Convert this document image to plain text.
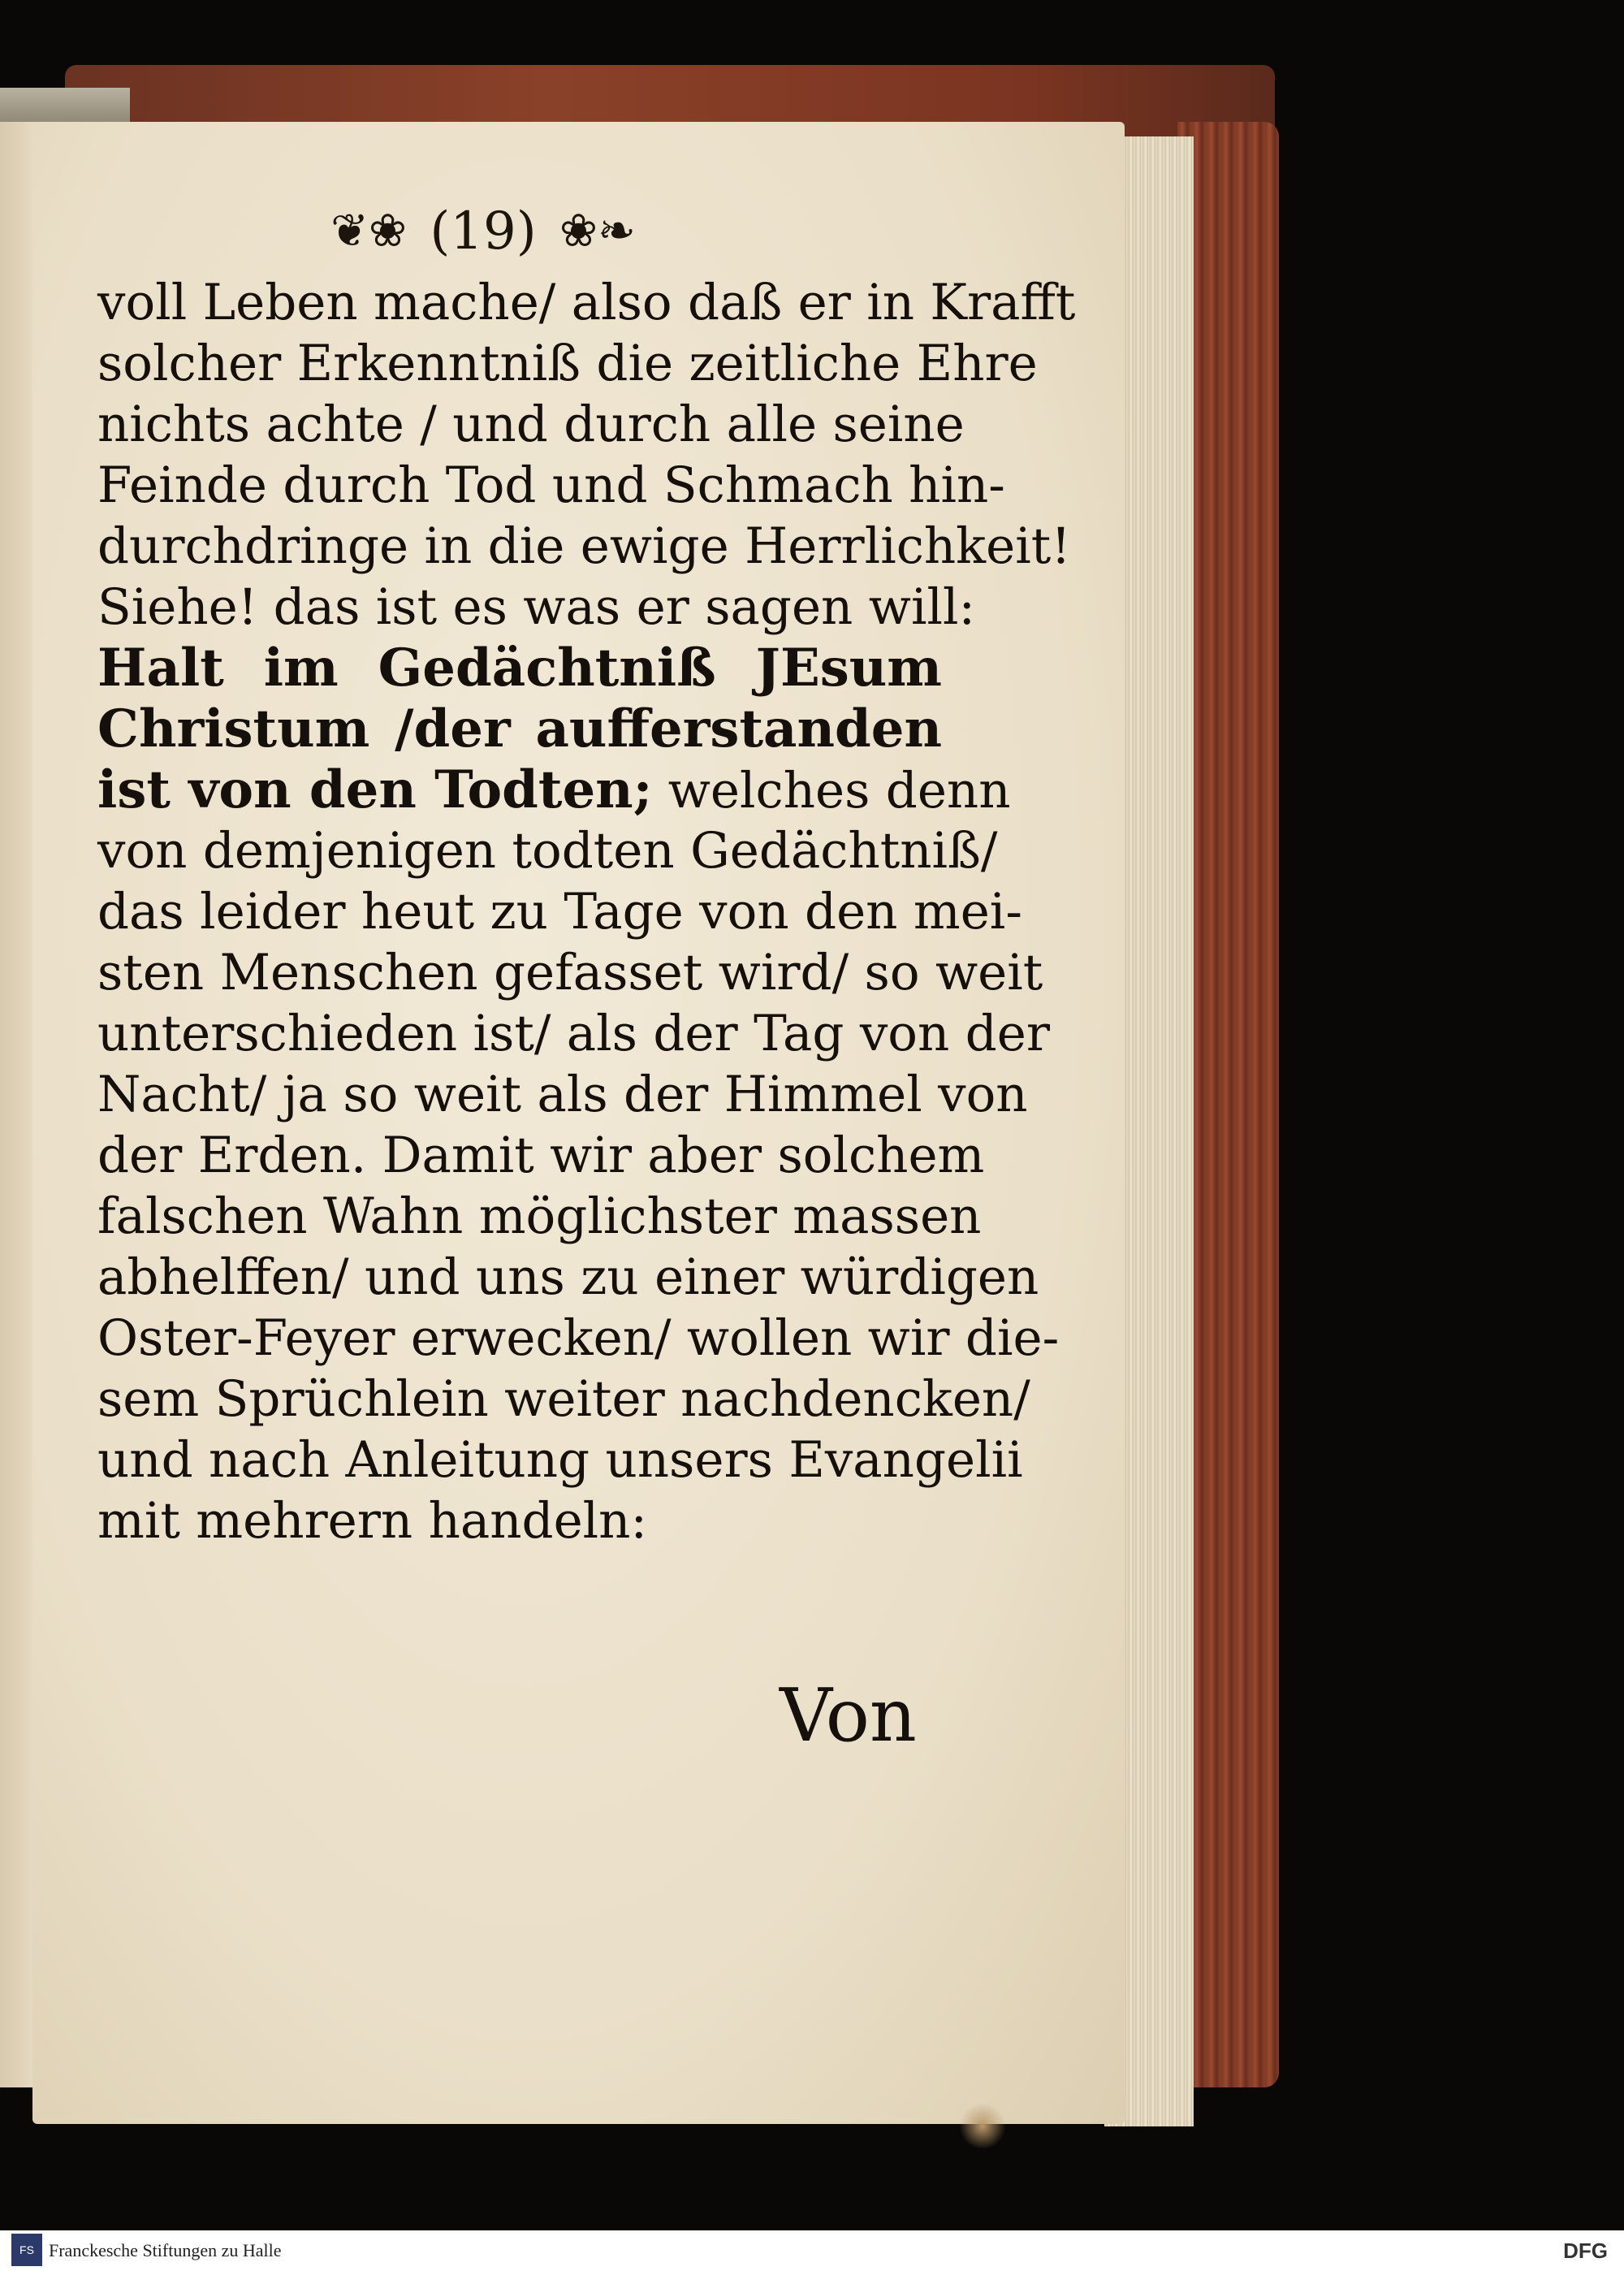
❦❀ (19) ❀❧
voll Leben mache/ also daß er in Krafft
solcher Erkenntniß die zeitliche Ehre
nichts achte / und durch alle seine
Feinde durch Tod und Schmach hin-
durchdringe in die ewige Herrlichkeit!
Siehe! das ist es was er sagen will:
Halt im Gedächtniß JEsum
Christum /der aufferstanden
ist von den Todten; welches denn
von demjenigen todten Gedächtniß/
das leider heut zu Tage von den mei-
sten Menschen gefasset wird/ so weit
unterschieden ist/ als der Tag von der
Nacht/ ja so weit als der Himmel von
der Erden. Damit wir aber solchem
falschen Wahn möglichster massen
abhelffen/ und uns zu einer würdigen
Oster-Feyer erwecken/ wollen wir die-
sem Sprüchlein weiter nachdencken/
und nach Anleitung unsers Evangelii
mit mehrern handeln:
Von
FS Franckesche Stiftungen zu Halle	DFG
